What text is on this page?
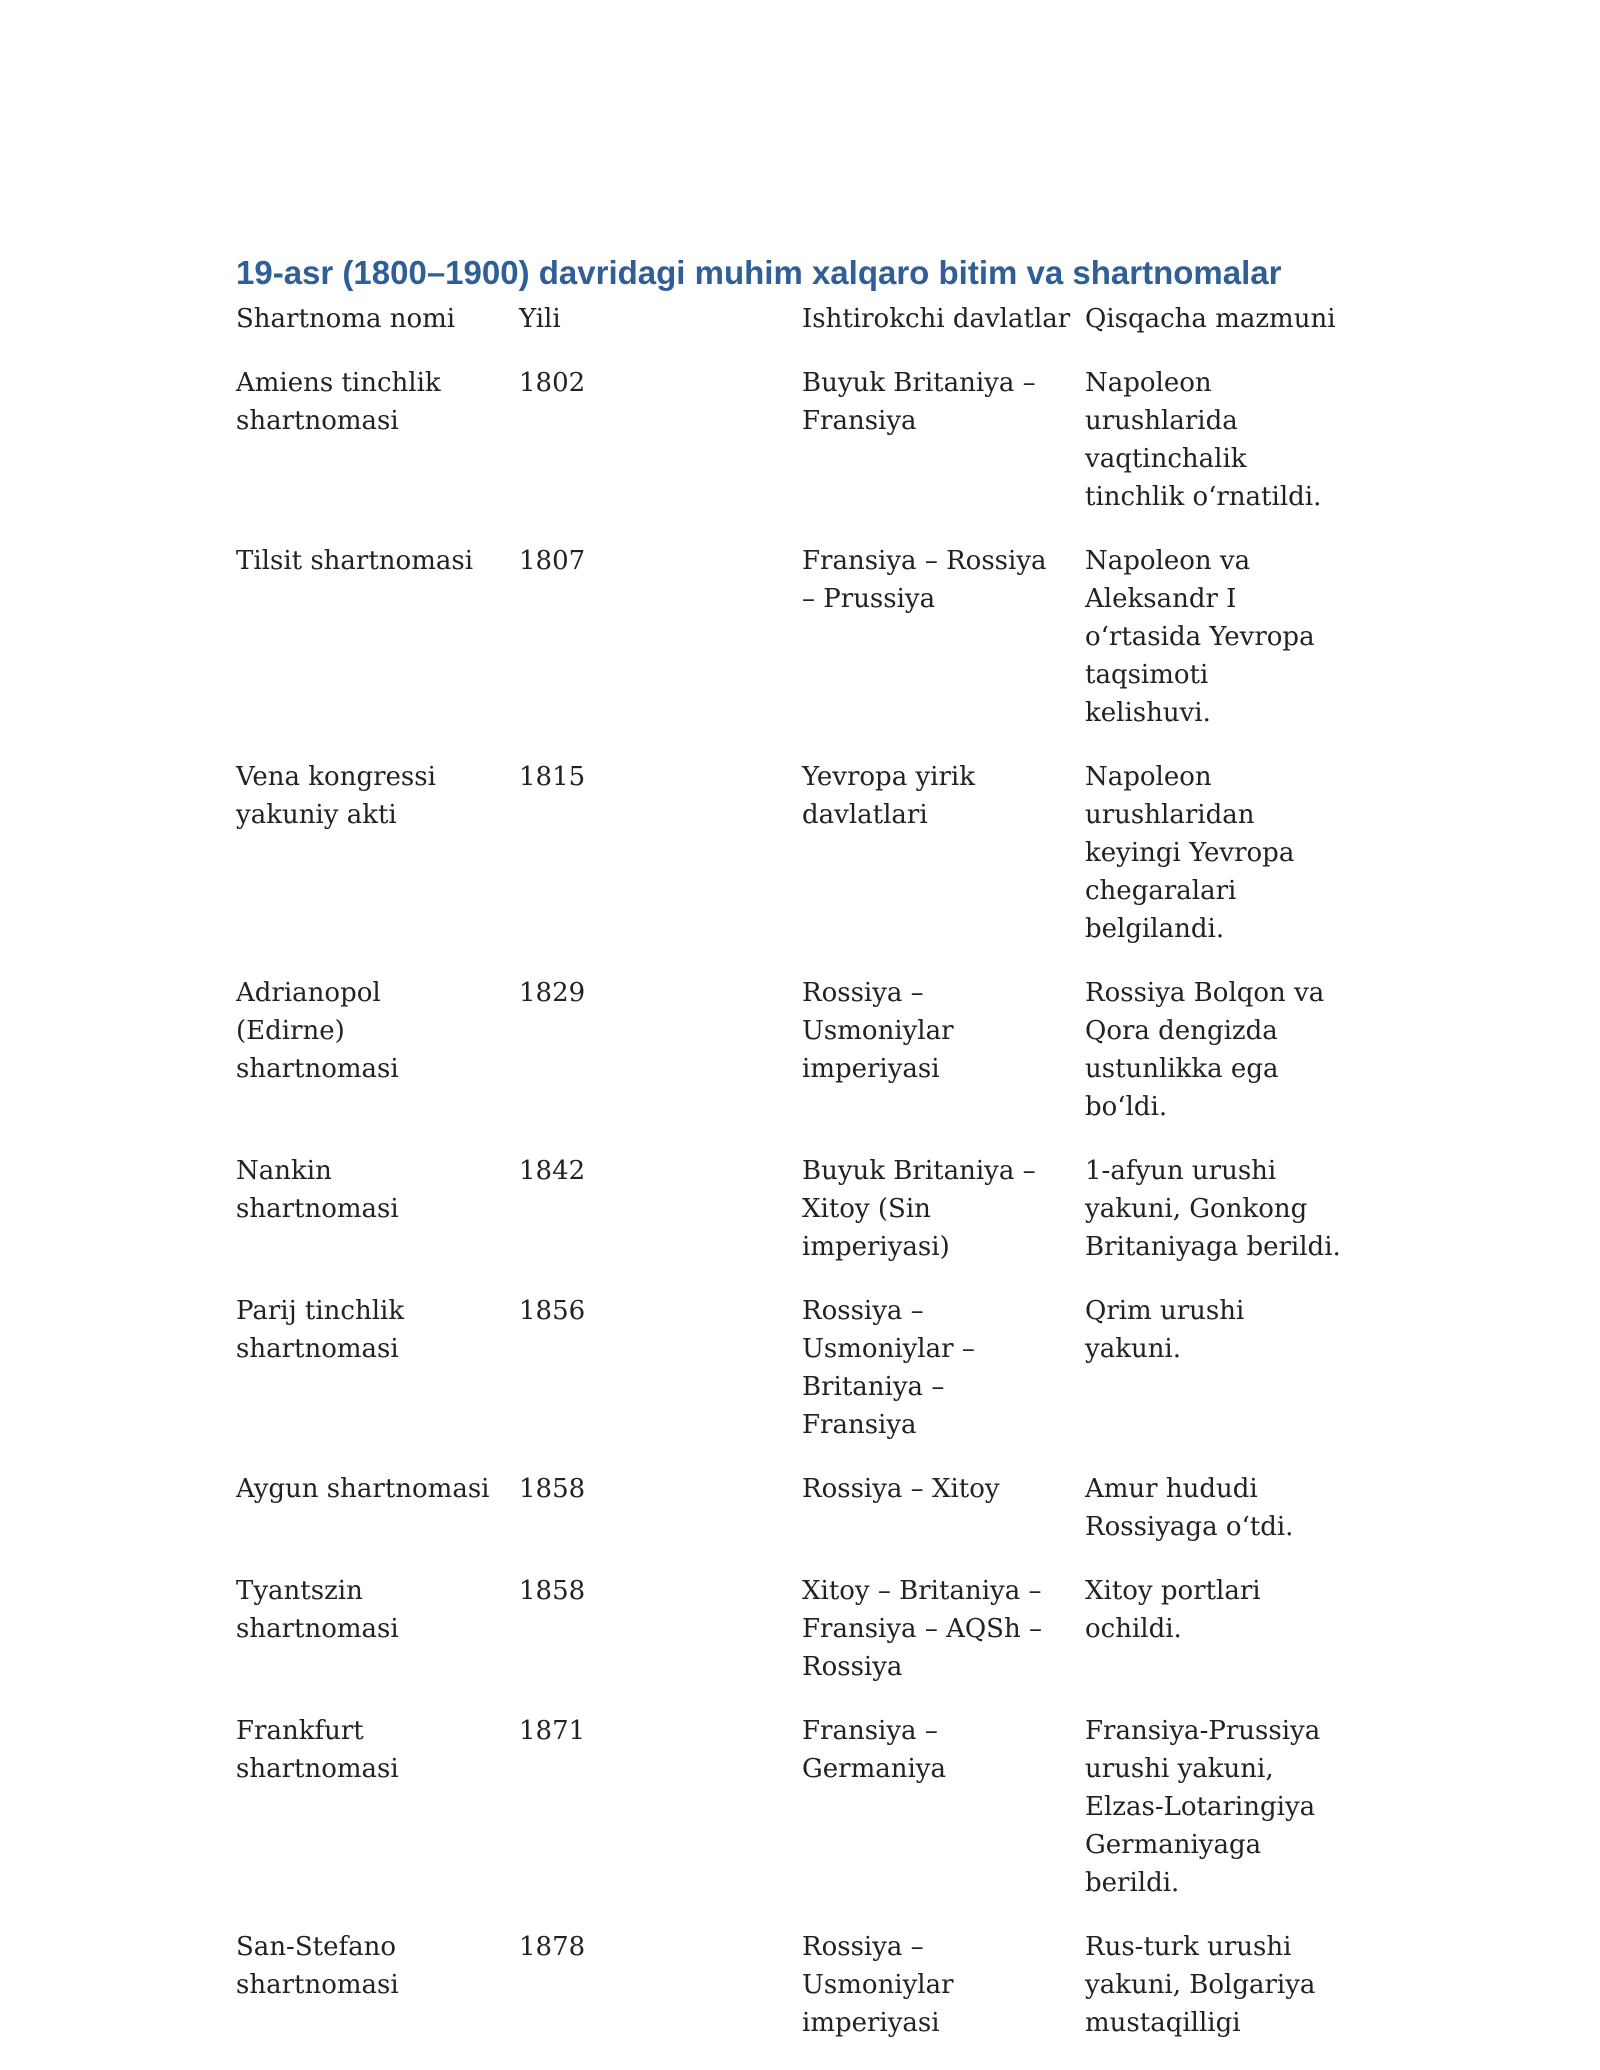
19-asr (1800–1900) davridagi muhim xalqaro bitim va shartnomalar
Shartnoma nomi	Yili	Ishtirokchi davlatlar	Qisqacha mazmuni
Amiens tinchlik shartnomasi	1802	Buyuk Britaniya – Fransiya	Napoleon urushlarida vaqtinchalik tinchlik o‘rnatildi.
Tilsit shartnomasi	1807	Fransiya – Rossiya – Prussiya	Napoleon va Aleksandr I o‘rtasida Yevropa taqsimoti kelishuvi.
Vena kongressi yakuniy akti	1815	Yevropa yirik davlatlari	Napoleon urushlaridan keyingi Yevropa chegaralari belgilandi.
Adrianopol (Edirne) shartnomasi	1829	Rossiya – Usmoniylar imperiyasi	Rossiya Bolqon va Qora dengizda ustunlikka ega bo‘ldi.
Nankin shartnomasi	1842	Buyuk Britaniya – Xitoy (Sin imperiyasi)	1-afyun urushi yakuni, Gonkong Britaniyaga berildi.
Parij tinchlik shartnomasi	1856	Rossiya – Usmoniylar – Britaniya – Fransiya	Qrim urushi yakuni.
Aygun shartnomasi	1858	Rossiya – Xitoy	Amur hududi Rossiyaga o‘tdi.
Tyantszin shartnomasi	1858	Xitoy – Britaniya – Fransiya – AQSh – Rossiya	Xitoy portlari ochildi.
Frankfurt shartnomasi	1871	Fransiya – Germaniya	Fransiya-Prussiya urushi yakuni, Elzas-Lotaringiya Germaniyaga berildi.
San-Stefano shartnomasi	1878	Rossiya – Usmoniylar imperiyasi	Rus-turk urushi yakuni, Bolgariya mustaqilligi
